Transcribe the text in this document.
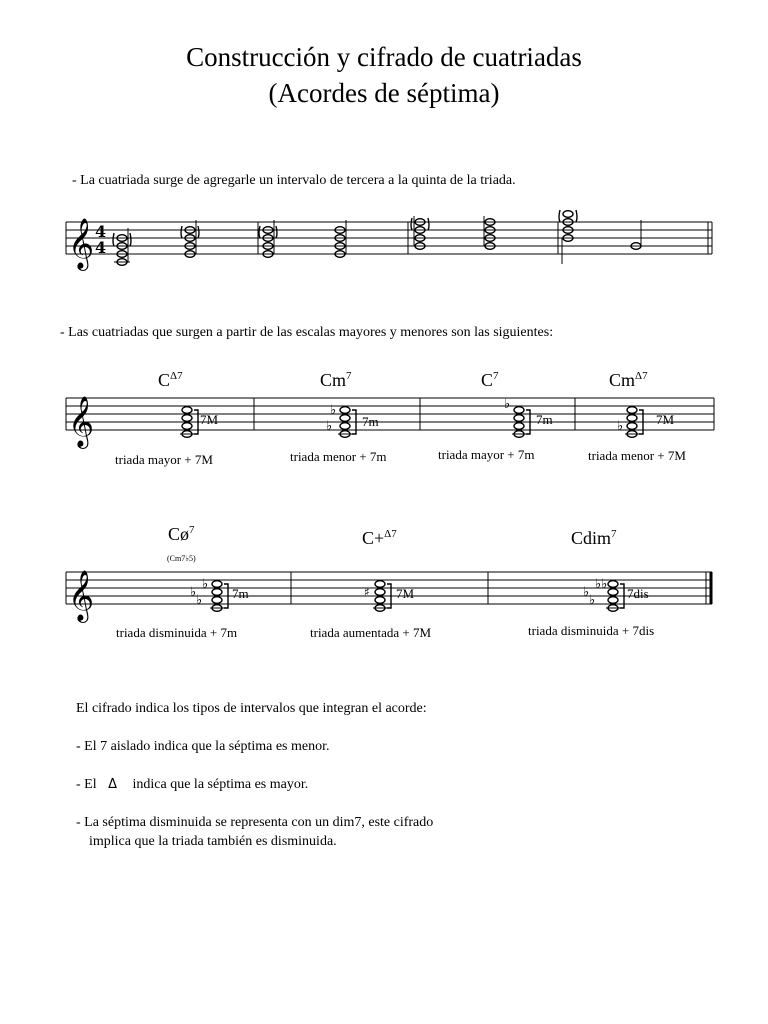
Construcción y cifrado de cuatriadas
(Acordes de séptima)
- La cuatriada surge de agregarle un intervalo de tercera a la quinta de la triada.
𝄞 4
4
- Las cuatriadas que surgen a partir de las escalas mayores y menores son las siguientes:
$C^{\Delta 7}$	Cm$^7$	$C^7$	$Cm^{\Delta 7}$
𝄞	7M	♭
♭
7m
♭
7m	♭	7M
triada mayor + 7M	triada menor + 7m	triada mayor + 7m	triada menor + 7M
$Cø^7$
(Cm7♭5)
C+$^{\Delta 7}$	Cdim$^7$
𝄞	♭
♭
♭
7m	♯ 7M	♭
♭
♭♭
7dis
triada disminuida + 7m	triada aumentada + 7M	triada disminuida + 7dis
El cifrado indica los tipos de intervalos que integran el acorde:
- El 7 aislado indica que la séptima es menor.
- El Δ indica que la séptima es mayor.
- La séptima disminuida se representa con un dim7, este cifrado
implica que la triada también es disminuida.
